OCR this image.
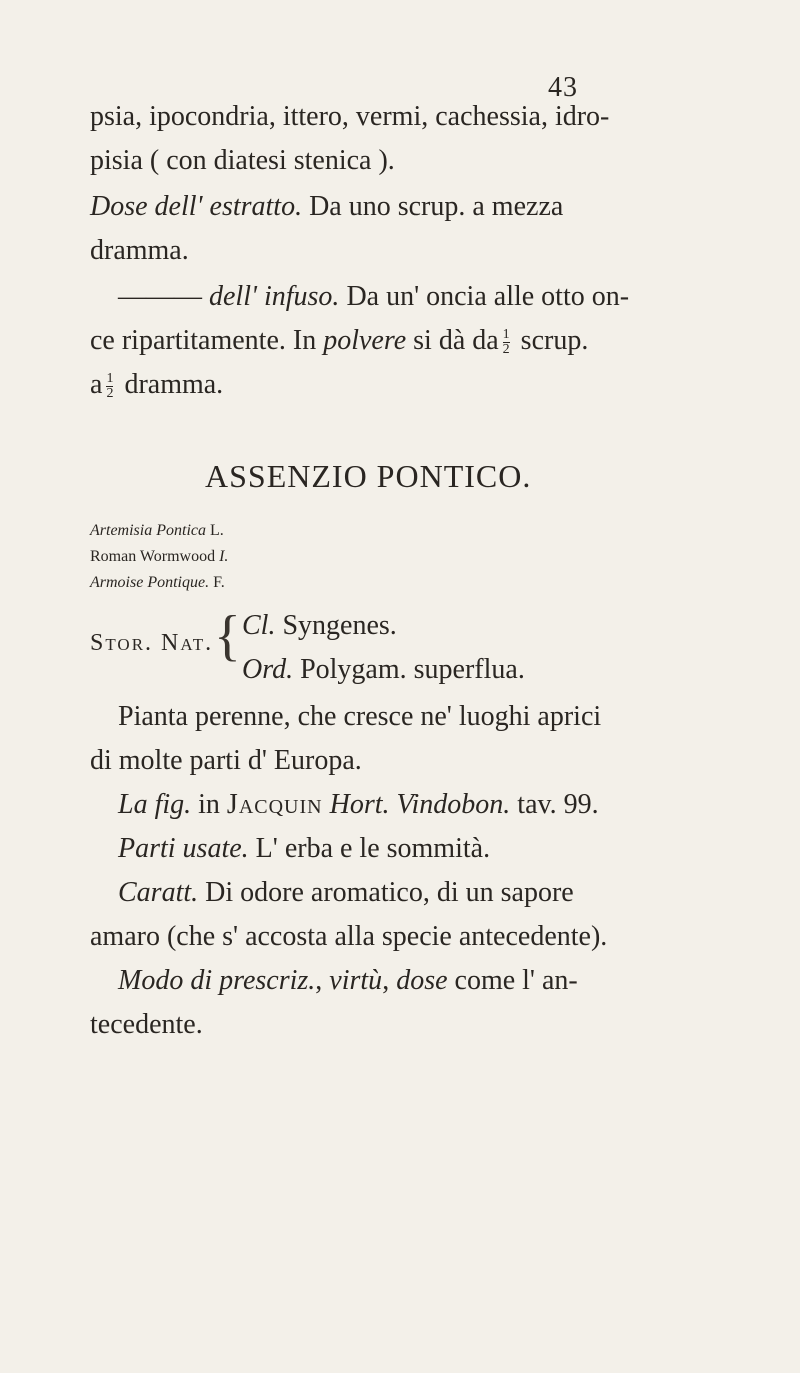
43
psia, ipocondria, ittero, vermi, cachessia, idro-
pisia ( con diatesi stenica ).
Dose dell' estratto. Da uno scrup. a mezza
dramma.
——— dell' infuso. Da un' oncia alle otto on-
ce ripartitamente. In polvere si dà da $\frac{1}{2}$ scrup.
a $\frac{1}{2}$ dramma.
ASSENZIO PONTICO.
Artemisia Pontica L.
Roman Wormwood I.
Armoise Pontique. F.
Stor. Nat. { Cl. Syngenes.
Ord. Polygam. superflua.
Pianta perenne, che cresce ne' luoghi aprici
di molte parti d' Europa.
La fig. in Jacquin Hort. Vindobon. tav. 99.
Parti usate. L' erba e le sommità.
Caratt. Di odore aromatico, di un sapore
amaro (che s' accosta alla specie antecedente).
Modo di prescriz., virtù, dose come l' an-
tecedente.
